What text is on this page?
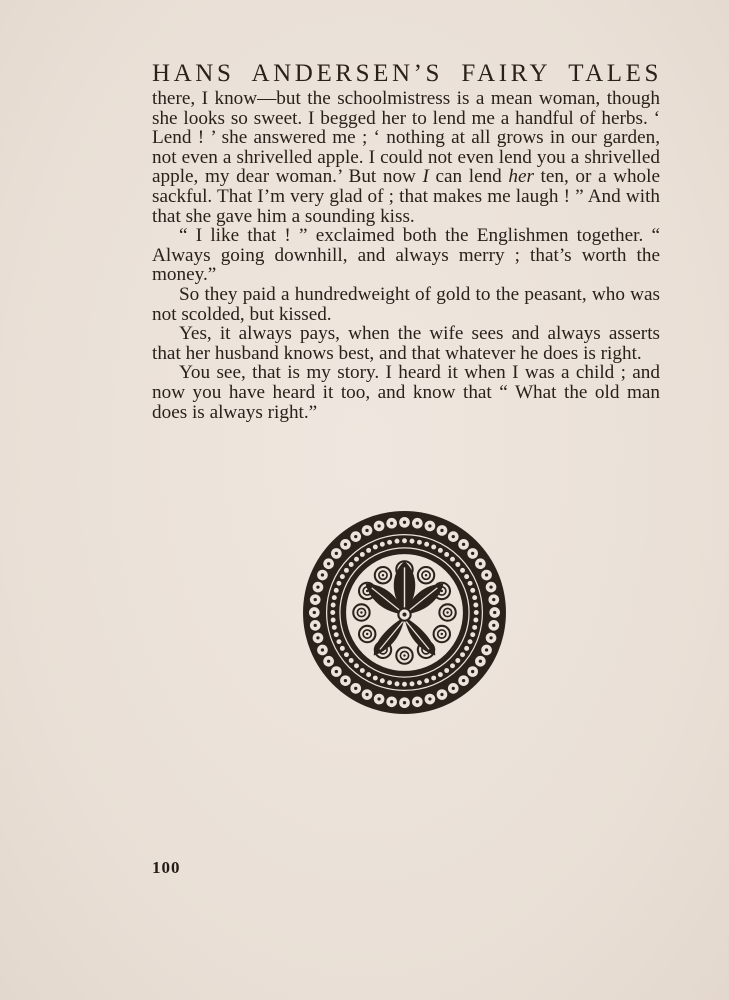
HANS ANDERSEN’S FAIRY TALES

there, I know—but the schoolmistress is a mean woman, though she looks so sweet. I begged her to lend me a handful of herbs. ‘ Lend ! ’ she answered me ; ‘ nothing at all grows in our garden, not even a shrivelled apple. I could not even lend you a shrivelled apple, my dear woman.’ But now I can lend her ten, or a whole sackful. That I’m very glad of ; that makes me laugh ! ” And with that she gave him a sounding kiss.

“ I like that ! ” exclaimed both the Englishmen together. “ Always going downhill, and always merry ; that’s worth the money.”

So they paid a hundredweight of gold to the peasant, who was not scolded, but kissed.

Yes, it always pays, when the wife sees and always asserts that her husband knows best, and that whatever he does is right.

You see, that is my story. I heard it when I was a child ; and now you have heard it too, and know that “ What the old man does is always right.”

100
